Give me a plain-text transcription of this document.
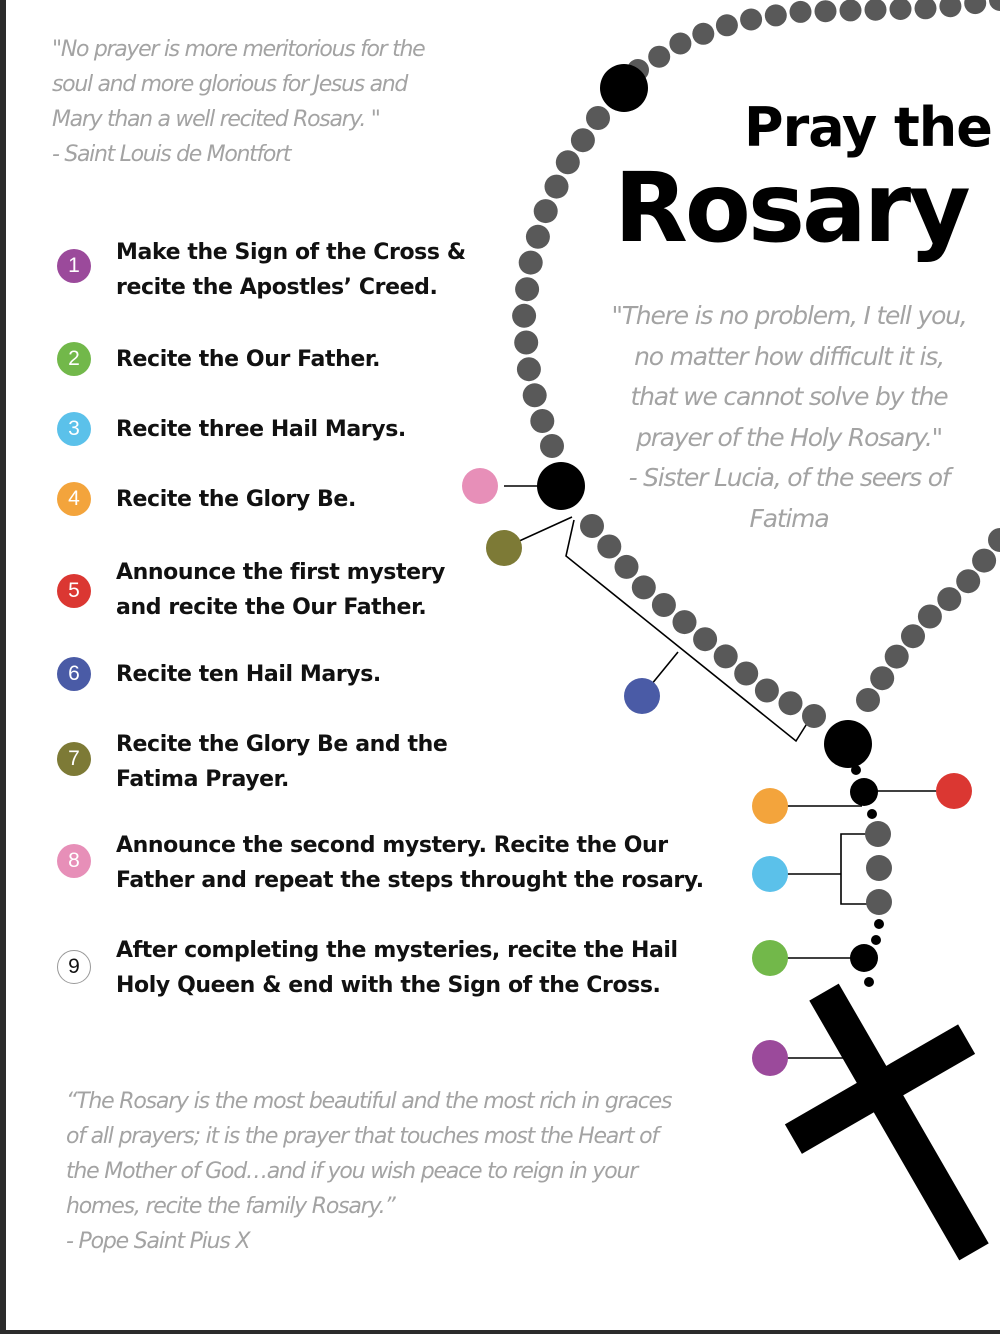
"No prayer is more meritorious for the
soul and more glorious for Jesus and
Mary than a well recited Rosary. "
- Saint Louis de Montfort	Pray the
Rosary
"There is no problem, I tell you,
no matter how difficult it is,
that we cannot solve by the
prayer of the Holy Rosary."
- Sister Lucia, of the seers of
Fatima
1
Make the Sign of the Cross &
recite the Apostles’ Creed.
2	Recite the Our Father.
3	Recite three Hail Marys.
4	Recite the Glory Be.
5
Announce the first mystery
and recite the Our Father.
6	Recite ten Hail Marys.
7
Recite the Glory Be and the
Fatima Prayer.
8
Announce the second mystery. Recite the Our
Father and repeat the steps throught the rosary.
9
After completing the mysteries, recite the Hail
Holy Queen & end with the Sign of the Cross.
“The Rosary is the most beautiful and the most rich in graces
of all prayers; it is the prayer that touches most the Heart of
the Mother of God…and if you wish peace to reign in your
homes, recite the family Rosary.”
- Pope Saint Pius X
